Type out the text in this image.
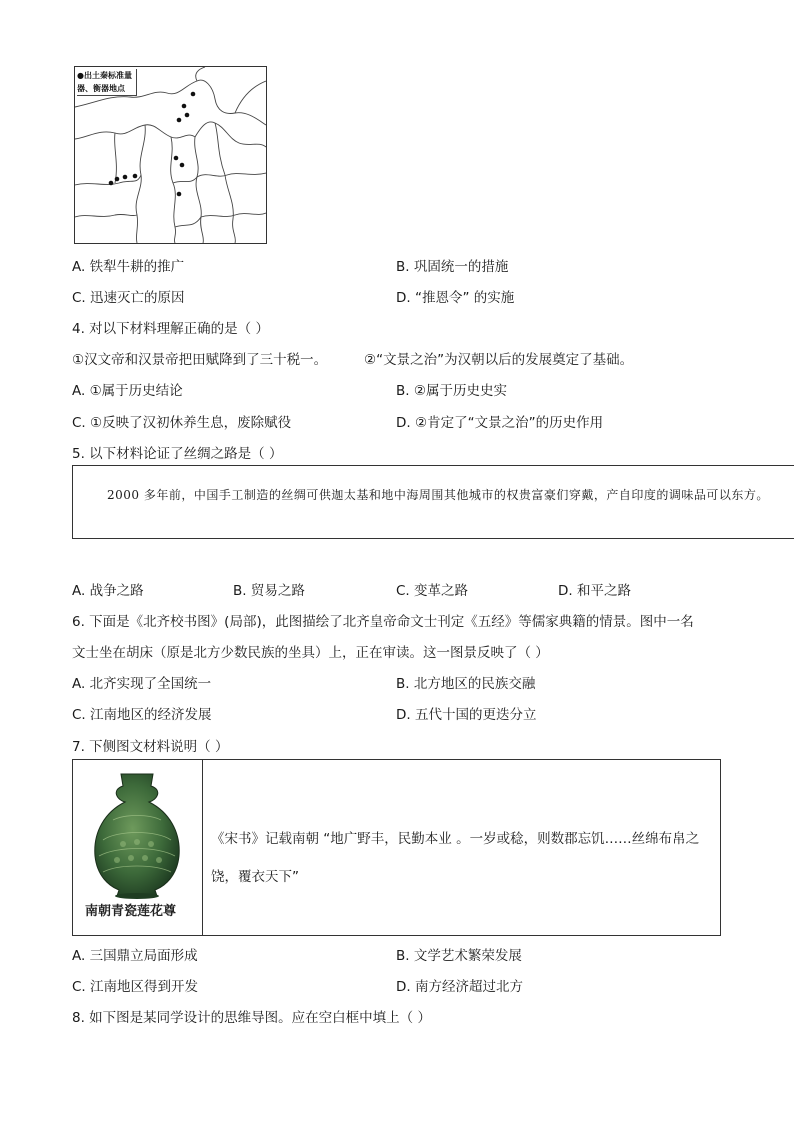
●出土秦标准量
器、衡器地点
A. 铁犁牛耕的推广	B. 巩固统一的措施
C. 迅速灭亡的原因	D. “推恩令” 的实施
4. 对以下材料理解正确的是（ ）
①汉文帝和汉景帝把田赋降到了三十税一。	②“文景之治”为汉朝以后的发展奠定了基础。
A. ①属于历史结论	B. ②属于历史史实
C. ①反映了汉初休养生息，废除赋役	D. ②肯定了“文景之治”的历史作用
5. 以下材料论证了丝绸之路是（ ）
2000 多年前，中国手工制造的丝绸可供迦太基和地中海周围其他城市的权贵富豪们穿戴，产自印度的调味品可以东方。
A. 战争之路	B. 贸易之路	C. 变革之路	D. 和平之路
6. 下面是《北齐校书图》(局部)，此图描绘了北齐皇帝命文士刊定《五经》等儒家典籍的情景。图中一名
文士坐在胡床（原是北方少数民族的坐具）上，正在审读。这一图景反映了（ ）
A. 北齐实现了全国统一	B. 北方地区的民族交融
C. 江南地区的经济发展	D. 五代十国的更迭分立
7. 下侧图文材料说明（ ）
南朝青瓷莲花尊
《宋书》记载南朝 “地广野丰，民勤本业 。一岁或稔，则数郡忘饥……丝绵布帛之饶，覆衣天下”
A. 三国鼎立局面形成	B. 文学艺术繁荣发展
C. 江南地区得到开发	D. 南方经济超过北方
8. 如下图是某同学设计的思维导图。应在空白框中填上（ ）
